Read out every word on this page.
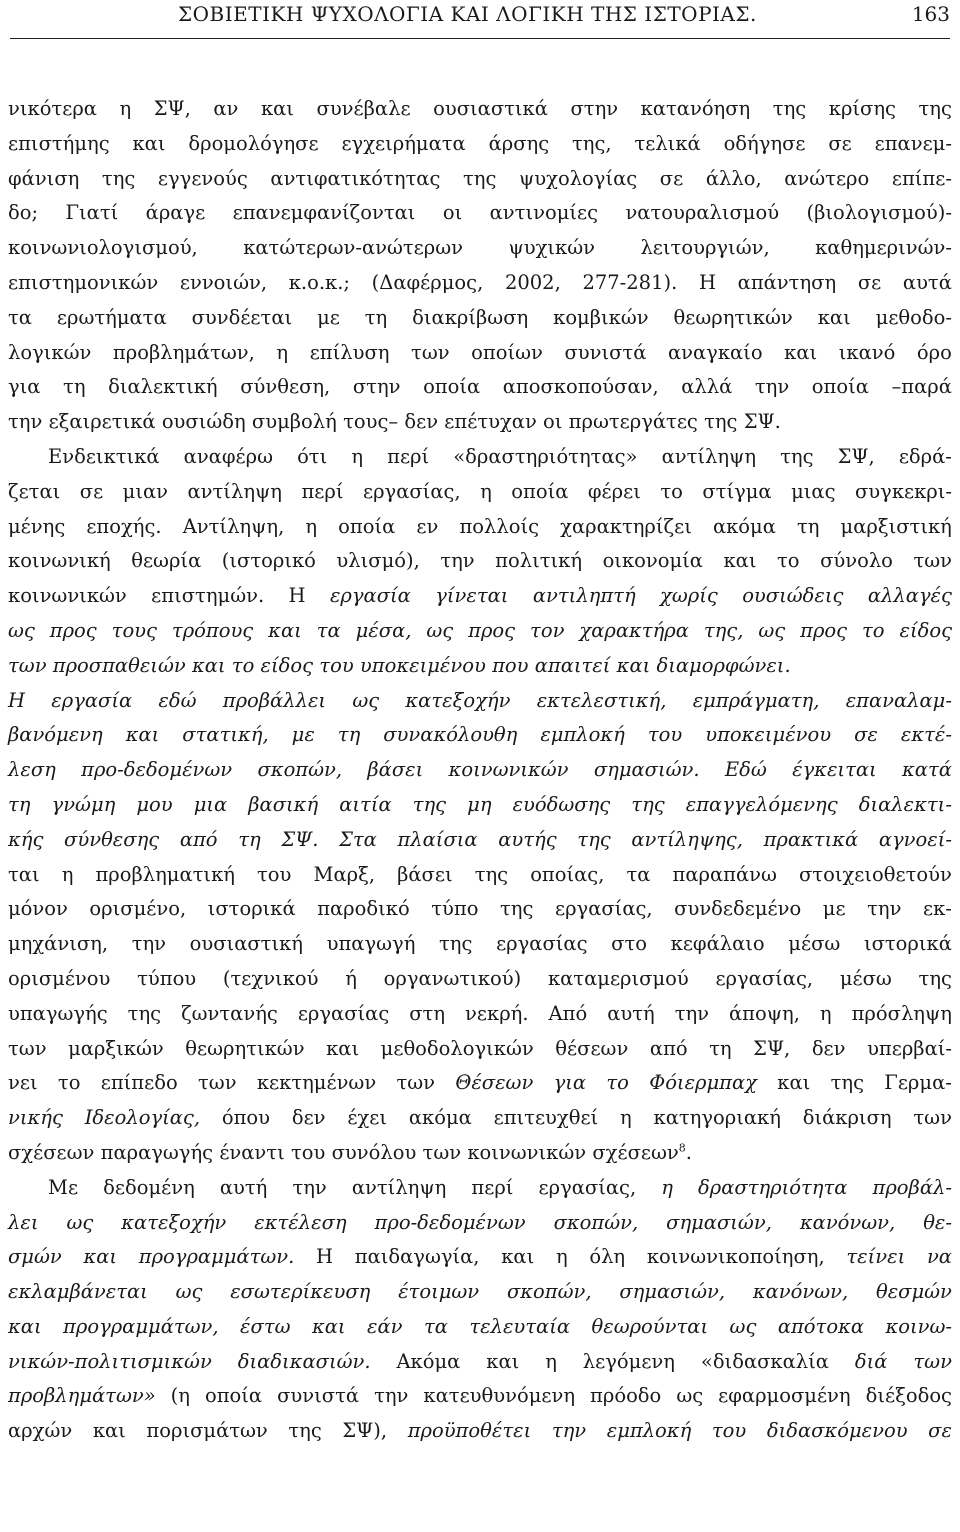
ΣΟΒΙΕΤΙΚΗ ΨΥΧΟΛΟΓΙΑ ΚΑΙ ΛΟΓΙΚΗ ΤΗΣ ΙΣΤΟΡΙΑΣ.	163
νικότερα η ΣΨ, αν και συνέβαλε ουσιαστικά στην κατανόηση της κρίσης της
επιστήμης και δρομολόγησε εγχειρήματα άρσης της, τελικά οδήγησε σε επανεμ-
φάνιση της εγγενούς αντιφατικότητας της ψυχολογίας σε άλλο, ανώτερο επίπε-
δο; Γιατί άραγε επανεμφανίζονται οι αντινομίες νατουραλισμού (βιολογισμού)-
κοινωνιολογισμού, κατώτερων-ανώτερων ψυχικών λειτουργιών, καθημερινών-
επιστημονικών εννοιών, κ.ο.κ.; (Δαφέρμος, 2002, 277-281). Η απάντηση σε αυτά
τα ερωτήματα συνδέεται με τη διακρίβωση κομβικών θεωρητικών και μεθοδο-
λογικών προβλημάτων, η επίλυση των οποίων συνιστά αναγκαίο και ικανό όρο
για τη διαλεκτική σύνθεση, στην οποία αποσκοπούσαν, αλλά την οποία –παρά
την εξαιρετικά ουσιώδη συμβολή τους– δεν επέτυχαν οι πρωτεργάτες της ΣΨ.
Ενδεικτικά αναφέρω ότι η περί «δραστηριότητας» αντίληψη της ΣΨ, εδρά-
ζεται σε μιαν αντίληψη περί εργασίας, η οποία φέρει το στίγμα μιας συγκεκρι-
μένης εποχής. Αντίληψη, η οποία εν πολλοίς χαρακτηρίζει ακόμα τη μαρξιστική
κοινωνική θεωρία (ιστορικό υλισμό), την πολιτική οικονομία και το σύνολο των
κοινωνικών επιστημών. Η εργασία γίνεται αντιληπτή χωρίς ουσιώδεις αλλαγές
ως προς τους τρόπους και τα μέσα, ως προς τον χαρακτήρα της, ως προς το είδος
των προσπαθειών και το είδος του υποκειμένου που απαιτεί και διαμορφώνει.
Η εργασία εδώ προβάλλει ως κατεξοχήν εκτελεστική, εμπράγματη, επαναλαμ-
βανόμενη και στατική, με τη συνακόλουθη εμπλοκή του υποκειμένου σε εκτέ-
λεση προ-δεδομένων σκοπών, βάσει κοινωνικών σημασιών. Εδώ έγκειται κατά
τη γνώμη μου μια βασική αιτία της μη ευόδωσης της επαγγελόμενης διαλεκτι-
κής σύνθεσης από τη ΣΨ. Στα πλαίσια αυτής της αντίληψης, πρακτικά αγνοεί-
ται η προβληματική του Μαρξ, βάσει της οποίας, τα παραπάνω στοιχειοθετούν
μόνον ορισμένο, ιστορικά παροδικό τύπο της εργασίας, συνδεδεμένο με την εκ-
μηχάνιση, την ουσιαστική υπαγωγή της εργασίας στο κεφάλαιο μέσω ιστορικά
ορισμένου τύπου (τεχνικού ή οργανωτικού) καταμερισμού εργασίας, μέσω της
υπαγωγής της ζωντανής εργασίας στη νεκρή. Από αυτή την άποψη, η πρόσληψη
των μαρξικών θεωρητικών και μεθοδολογικών θέσεων από τη ΣΨ, δεν υπερβαί-
νει το επίπεδο των κεκτημένων των Θέσεων για το Φόιερμπαχ και της Γερμα-
νικής Ιδεολογίας, όπου δεν έχει ακόμα επιτευχθεί η κατηγοριακή διάκριση των
σχέσεων παραγωγής έναντι του συνόλου των κοινωνικών σχέσεων$^8$.
Με δεδομένη αυτή την αντίληψη περί εργασίας, η δραστηριότητα προβάλ-
λει ως κατεξοχήν εκτέλεση προ-δεδομένων σκοπών, σημασιών, κανόνων, θε-
σμών και προγραμμάτων. Η παιδαγωγία, και η όλη κοινωνικοποίηση, τείνει να
εκλαμβάνεται ως εσωτερίκευση έτοιμων σκοπών, σημασιών, κανόνων, θεσμών
και προγραμμάτων, έστω και εάν τα τελευταία θεωρούνται ως απότοκα κοινω-
νικών-πολιτισμικών διαδικασιών. Ακόμα και η λεγόμενη «διδασκαλία διά των
προβλημάτων» (η οποία συνιστά την κατευθυνόμενη πρόοδο ως εφαρμοσμένη διέξοδος
αρχών και πορισμάτων της ΣΨ), προϋποθέτει την εμπλοκή του διδασκόμενου σε
